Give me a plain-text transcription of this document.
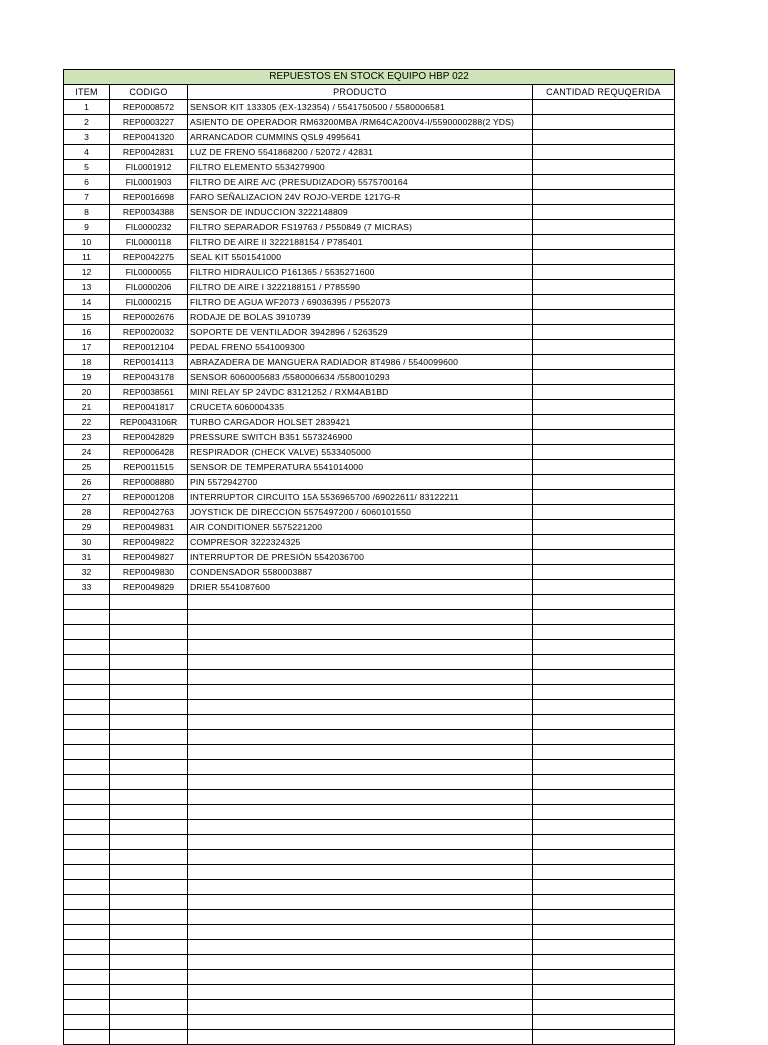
REPUESTOS EN STOCK EQUIPO HBP 022			
ITEM	CODIGO	PRODUCTO	CANTIDAD REQUQERIDA
1	REP0008572	SENSOR KIT 133305 (EX-132354) / 5541750500 / 5580006581	
2	REP0003227	ASIENTO DE OPERADOR RM63200MBA /RM64CA200V4-I/5590000288(2 YDS)	
3	REP0041320	ARRANCADOR CUMMINS QSL9 4995641	
4	REP0042831	LUZ DE FRENO 5541868200 / 52072 / 42831	
5	FIL0001912	FILTRO ELEMENTO 5534279900	
6	FIL0001903	FILTRO DE AIRE A/C (PRESUDIZADOR) 5575700164	
7	REP0016698	FARO SEÑALIZACION 24V ROJO-VERDE 1217G-R	
8	REP0034388	SENSOR DE INDUCCION 3222148809	
9	FIL0000232	FILTRO SEPARADOR FS19763 / P550849 (7 MICRAS)	
10	FIL0000118	FILTRO DE AIRE II 3222188154 / P785401	
11	REP0042275	SEAL KIT 5501541000	
12	FIL0000055	FILTRO HIDRAULICO P161365 / 5535271600	
13	FIL0000206	FILTRO DE AIRE I 3222188151 / P785590	
14	FIL0000215	FILTRO DE AGUA WF2073 / 69036395 / P552073	
15	REP0002676	RODAJE DE BOLAS 3910739	
16	REP0020032	SOPORTE DE VENTILADOR 3942896 / 5263529	
17	REP0012104	PEDAL FRENO 5541009300	
18	REP0014113	ABRAZADERA DE MANGUERA RADIADOR 8T4986 / 5540099600	
19	REP0043178	SENSOR 6060005683 /5580006634 /5580010293	
20	REP0038561	MINI RELAY 5P 24VDC 83121252 / RXM4AB1BD	
21	REP0041817	CRUCETA 6060004335	
22	REP0043106R	TURBO CARGADOR HOLSET 2839421	
23	REP0042829	PRESSURE SWITCH B351 5573246900	
24	REP0006428	RESPIRADOR (CHECK VALVE) 5533405000	
25	REP0011515	SENSOR DE TEMPERATURA 5541014000	
26	REP0008880	PIN 5572942700	
27	REP0001208	INTERRUPTOR CIRCUITO 15A 5536965700 /69022611/ 83122211	
28	REP0042763	JOYSTICK DE DIRECCION 5575497200 / 6060101550	
29	REP0049831	AIR CONDITIONER 5575221200	
30	REP0049822	COMPRESOR 3222324325	
31	REP0049827	INTERRUPTOR DE PRESIÓN 5542036700	
32	REP0049830	CONDENSADOR 5580003887	
33	REP0049829	DRIER 5541087600	
